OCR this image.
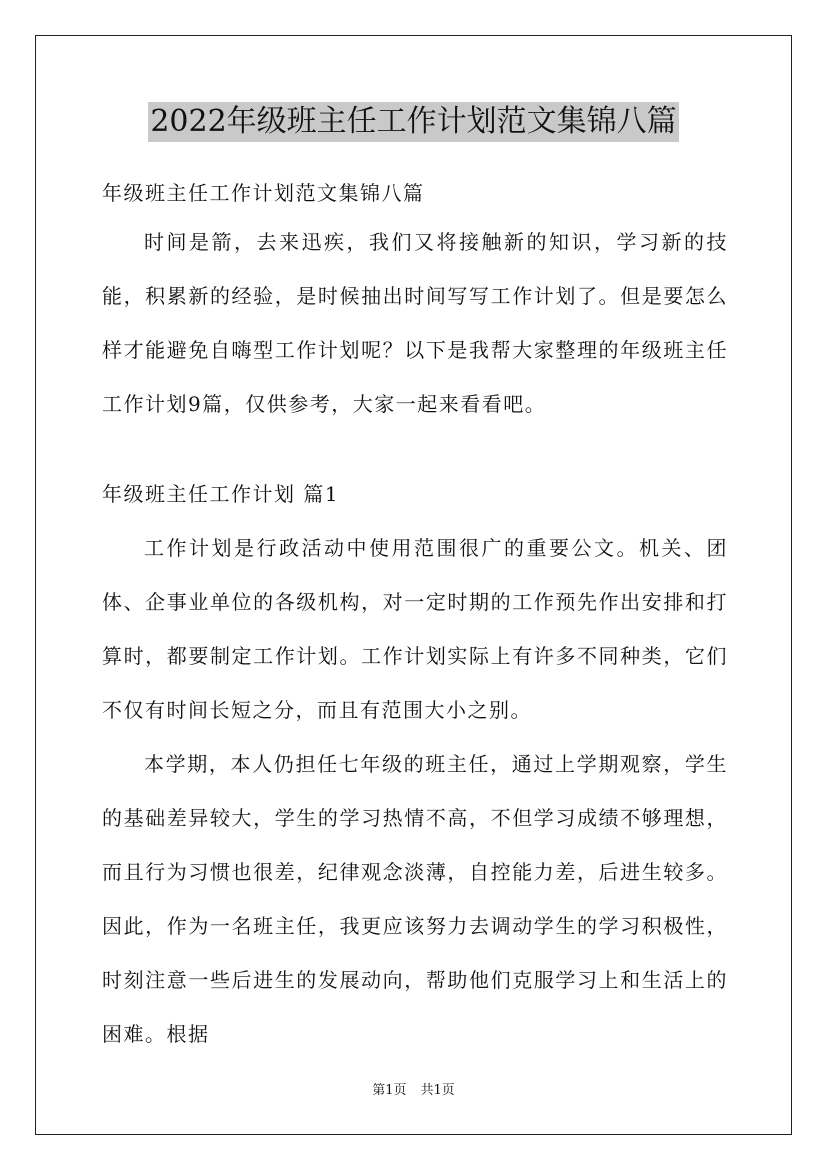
2022年级班主任工作计划范文集锦八篇

年级班主任工作计划范文集锦八篇

时间是箭，去来迅疾，我们又将接触新的知识，学习新的技能，积累新的经验，是时候抽出时间写写工作计划了。但是要怎么样才能避免自嗨型工作计划呢？以下是我帮大家整理的年级班主任工作计划9篇，仅供参考，大家一起来看看吧。

年级班主任工作计划 篇1

工作计划是行政活动中使用范围很广的重要公文。机关、团体、企事业单位的各级机构，对一定时期的工作预先作出安排和打算时，都要制定工作计划。工作计划实际上有许多不同种类，它们不仅有时间长短之分，而且有范围大小之别。

本学期，本人仍担任七年级的班主任，通过上学期观察，学生的基础差异较大，学生的学习热情不高，不但学习成绩不够理想，而且行为习惯也很差，纪律观念淡薄，自控能力差，后进生较多。因此，作为一名班主任，我更应该努力去调动学生的学习积极性，时刻注意一些后进生的发展动向，帮助他们克服学习上和生活上的困难。根据

第1页 共1页
